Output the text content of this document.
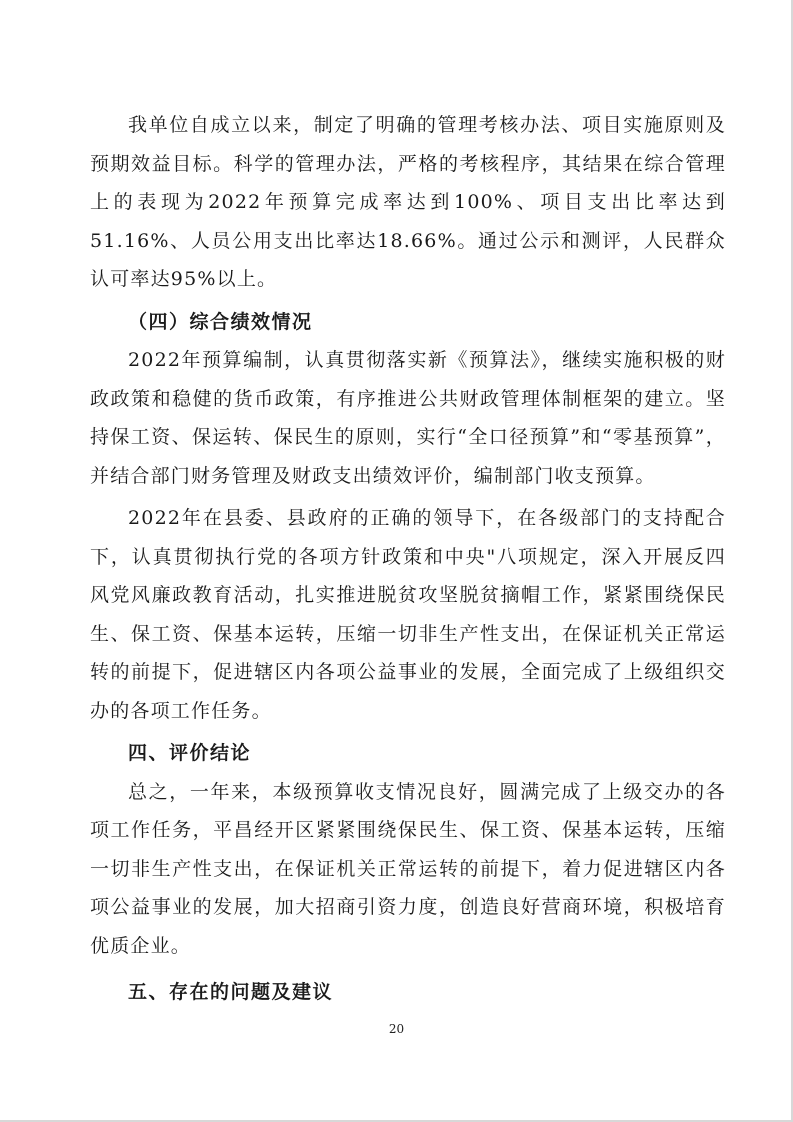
我单位自成立以来，制定了明确的管理考核办法、项目实施原则及预期效益目标。科学的管理办法，严格的考核程序，其结果在综合管理上的表现为2022年预算完成率达到100%、项目支出比率达到51.16%、人员公用支出比率达18.66%。通过公示和测评，人民群众认可率达95%以上。

（四）综合绩效情况

2022年预算编制，认真贯彻落实新《预算法》，继续实施积极的财政政策和稳健的货币政策，有序推进公共财政管理体制框架的建立。坚持保工资、保运转、保民生的原则，实行“全口径预算”和“零基预算”，并结合部门财务管理及财政支出绩效评价，编制部门收支预算。

2022年在县委、县政府的正确的领导下，在各级部门的支持配合下，认真贯彻执行党的各项方针政策和中央"八项规定，深入开展反四风党风廉政教育活动，扎实推进脱贫攻坚脱贫摘帽工作，紧紧围绕保民生、保工资、保基本运转，压缩一切非生产性支出，在保证机关正常运转的前提下，促进辖区内各项公益事业的发展，全面完成了上级组织交办的各项工作任务。

四、评价结论

总之，一年来，本级预算收支情况良好，圆满完成了上级交办的各项工作任务，平昌经开区紧紧围绕保民生、保工资、保基本运转，压缩一切非生产性支出，在保证机关正常运转的前提下，着力促进辖区内各项公益事业的发展，加大招商引资力度，创造良好营商环境，积极培育优质企业。

五、存在的问题及建议

20
